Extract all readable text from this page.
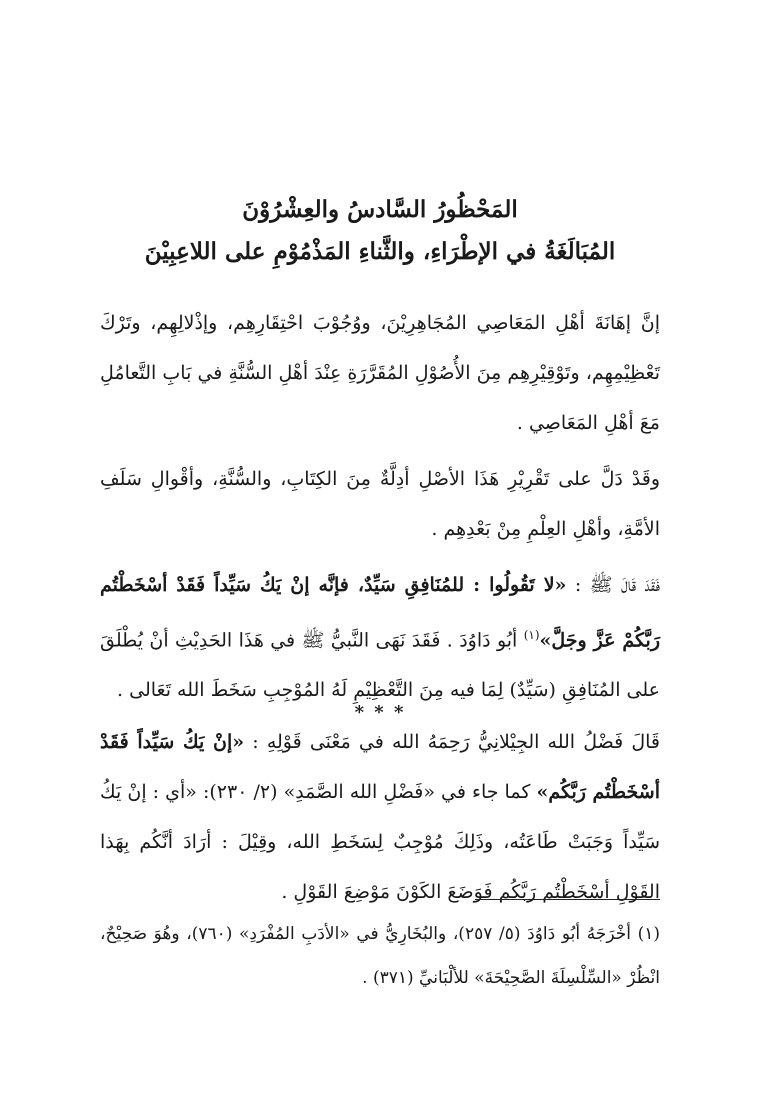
المَحْظُورُ السَّادسُ والعِشْرُوْنَ

المُبَالَغَةُ في الإطْرَاءِ، والثَّناءِ المَذْمُوْمِ على اللاعِبِيْنَ

إنَّ إهَانَةَ أهْلِ المَعَاصِي المُجَاهِرِيْنَ، ووُجُوْبَ احْتِقَارِهِم، وإذْلالِهِم، وتَرْكَ تَعْظِيْمِهِم، وتَوْقِيْرِهِم مِنَ الأُصُوْلِ المُقَرَّرَةِ عِنْدَ أهْلِ السُّنَّةِ في بَابِ التَّعامُلِ مَعَ أهْلِ المَعَاصِي .

وقَدْ دَلَّ على تَقْرِيْرِ هَذَا الأصْلِ أدِلَّةٌ مِنَ الكِتَابِ، والسُّنَّةِ، وأقْوالِ سَلَفِ الأمَّةِ، وأهْلِ العِلْمِ مِنْ بَعْدِهِم .

فَقَدَ قَالَ ﷺ : «لا تَقُولُوا : للمُنَافِقِ سَيِّدٌ، فإنَّه إنْ يَكُ سَيِّداً فَقَدْ أسْخَطْتُم رَبَّكُمْ عَزَّ وجَلَّ»$^{(١)}$ أبُو دَاوُدَ . فَقَدَ نَهَى النَّبيُّ ﷺ في هَذَا الحَدِيْثِ أنْ يُطْلَقَ على المُنَافِقِ (سَيِّدٌ) لِمَا فيه مِنَ التَّعْظِيْمِ لَهُ المُوْجِبِ سَخَطَ الله تَعَالى .

* * *

قَالَ فَضْلُ الله الجِيْلانِيُّ رَحِمَهُ الله في مَعْنَى قَوْلِهِ : «إنْ يَكُ سَيِّداً فَقَدْ أسْخَطْتُم رَبَّكُم» كما جاء في «فَضْلِ الله الصَّمَدِ» (٢/ ٢٣٠): «أي : إنْ يَكُ سَيِّداً وَجَبَتْ طَاعَتُه، وذَلِكَ مُوْجِبٌ لِسَخَطِ الله، وقِيْلَ : أرَادَ أنَّكُم بِهَذا القَوْلِ أسْخَطْتُم رَبَّكُم فَوَضَعَ الكَوْنَ مَوْضِعَ القَوْلِ .

(١) أخْرَجَهُ أبُو دَاوُدَ (٥/ ٢٥٧)، والبُخَارِيُّ في «الأدَبِ المُفْرَدِ» (٧٦٠)، وهُوَ صَحِيْحٌ، انْظُرْ «السِّلْسِلَةَ الصَّحِيْحَةَ» للألْبَانيِّ (٣٧١) .
